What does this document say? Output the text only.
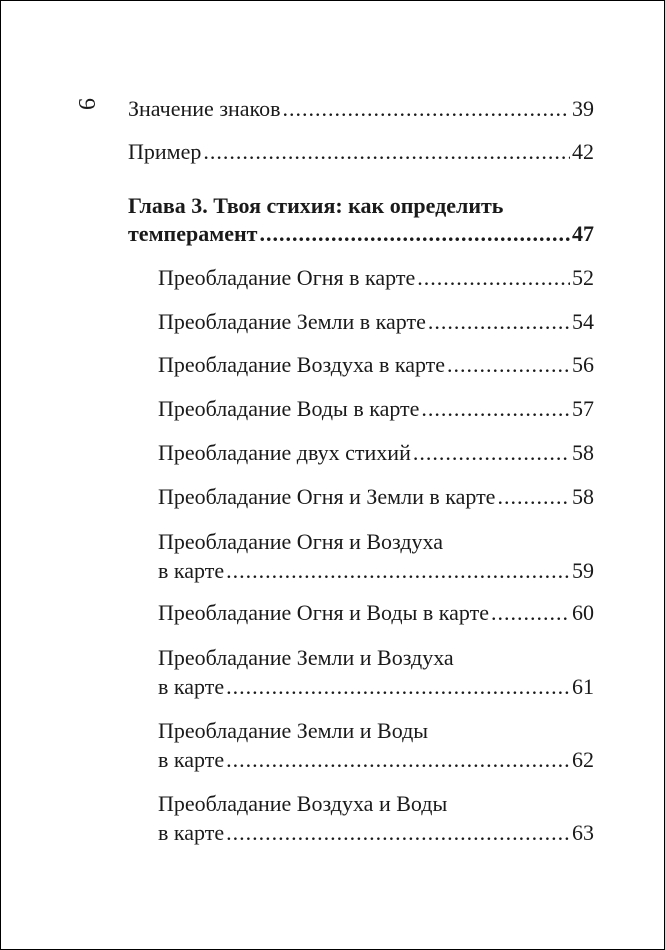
9 Значение знаков .....	39
Пример .....	42
Глава 3. Твоя стихия: как определить
темперамент .....	47
Преобладание Огня в карте .....	52
Преобладание Земли в карте .....	54
Преобладание Воздуха в карте .....	56
Преобладание Воды в карте .....	57
Преобладание двух стихий .....	58
Преобладание Огня и Земли в карте .....	58
Преобладание Огня и Воздуха
в карте .....	59
Преобладание Огня и Воды в карте .....	60
Преобладание Земли и Воздуха
в карте .....	61
Преобладание Земли и Воды
в карте .....	62
Преобладание Воздуха и Воды
в карте .....	63
